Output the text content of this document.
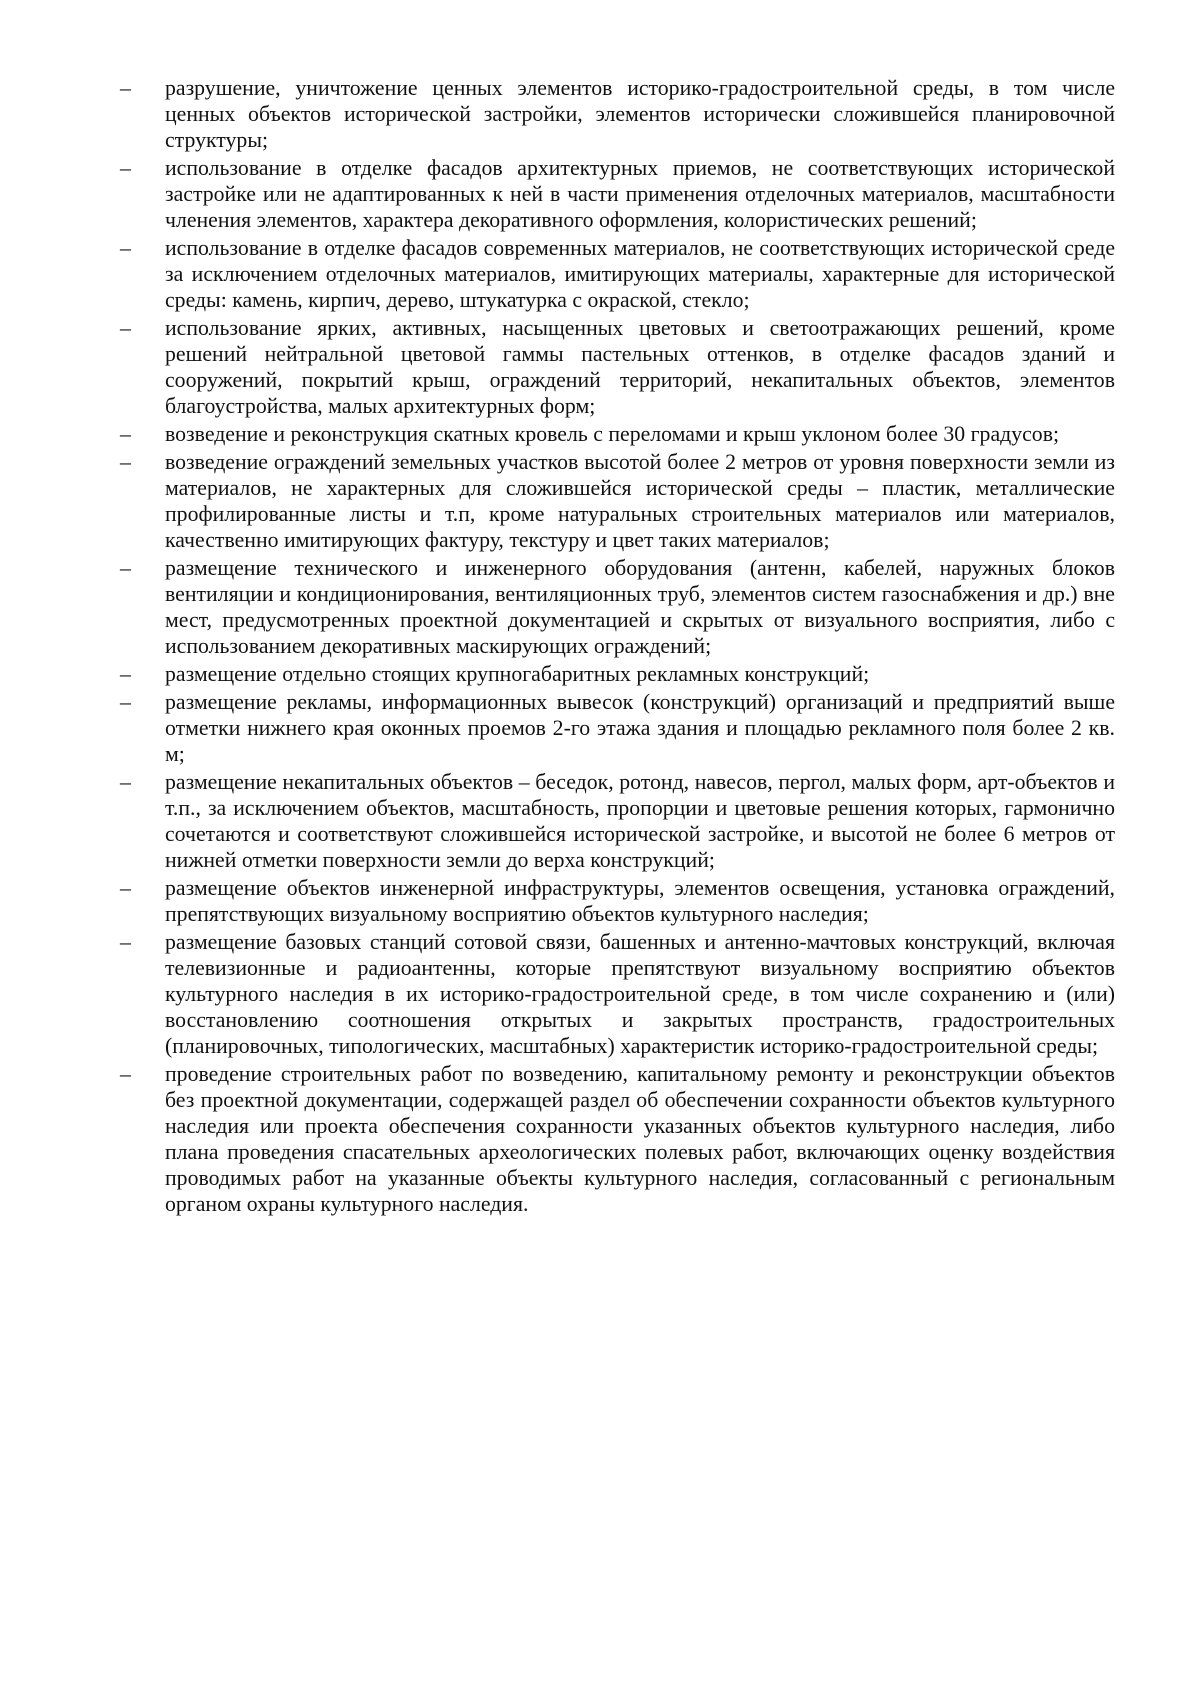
–	разрушение, уничтожение ценных элементов историко-градостроительной среды, в том числе ценных объектов исторической застройки, элементов исторически сложившейся планировочной структуры;
–	использование в отделке фасадов архитектурных приемов, не соответствующих исторической застройке или не адаптированных к ней в части применения отделочных материалов, масштабности членения элементов, характера декоративного оформления, колористических решений;
–	использование в отделке фасадов современных материалов, не соответствующих исторической среде за исключением отделочных материалов, имитирующих материалы, характерные для исторической среды: камень, кирпич, дерево, штукатурка с окраской, стекло;
–	использование ярких, активных, насыщенных цветовых и светоотражающих решений, кроме решений нейтральной цветовой гаммы пастельных оттенков, в отделке фасадов зданий и сооружений, покрытий крыш, ограждений территорий, некапитальных объектов, элементов благоустройства, малых архитектурных форм;
–	возведение и реконструкция скатных кровель с переломами и крыш уклоном более 30 градусов;
–	возведение ограждений земельных участков высотой более 2 метров от уровня поверхности земли из материалов, не характерных для сложившейся исторической среды – пластик, металлические профилированные листы и т.п, кроме натуральных строительных материалов или материалов, качественно имитирующих фактуру, текстуру и цвет таких материалов;
–	размещение технического и инженерного оборудования (антенн, кабелей, наружных блоков вентиляции и кондиционирования, вентиляционных труб, элементов систем газоснабжения и др.) вне мест, предусмотренных проектной документацией и скрытых от визуального восприятия, либо с использованием декоративных маскирующих ограждений;
–	размещение отдельно стоящих крупногабаритных рекламных конструкций;
–	размещение рекламы, информационных вывесок (конструкций) организаций и предприятий выше отметки нижнего края оконных проемов 2-го этажа здания и площадью рекламного поля более 2 кв. м;
–	размещение некапитальных объектов – беседок, ротонд, навесов, пергол, малых форм, арт-объектов и т.п., за исключением объектов, масштабность, пропорции и цветовые решения которых, гармонично сочетаются и соответствуют сложившейся исторической застройке, и высотой не более 6 метров от нижней отметки поверхности земли до верха конструкций;
–	размещение объектов инженерной инфраструктуры, элементов освещения, установка ограждений, препятствующих визуальному восприятию объектов культурного наследия;
–	размещение базовых станций сотовой связи, башенных и антенно-мачтовых конструкций, включая телевизионные и радиоантенны, которые препятствуют визуальному восприятию объектов культурного наследия в их историко-градостроительной среде, в том числе сохранению и (или) восстановлению соотношения открытых и закрытых пространств, градостроительных (планировочных, типологических, масштабных) характеристик историко-градостроительной среды;
–	проведение строительных работ по возведению, капитальному ремонту и реконструкции объектов без проектной документации, содержащей раздел об обеспечении сохранности объектов культурного наследия или проекта обеспечения сохранности указанных объектов культурного наследия, либо плана проведения спасательных археологических полевых работ, включающих оценку воздействия проводимых работ на указанные объекты культурного наследия, согласованный с региональным органом охраны культурного наследия.
